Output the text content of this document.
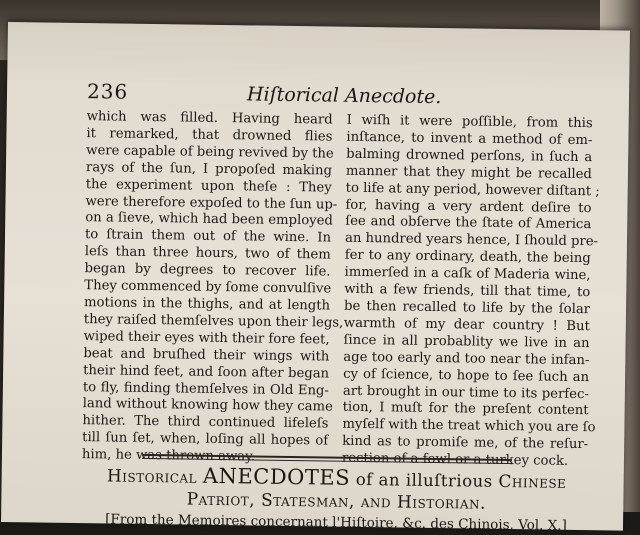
236	Hiſtorical Anecdote.
which was filled. Having heard
it remarked, that drowned flies
were capable of being revived by the
rays of the ſun, I propoſed making
the experiment upon theſe : They
were therefore expoſed to the ſun up-
on a ſieve, which had been employed
to ſtrain them out of the wine. In
leſs than three hours, two of them
began by degrees to recover life.
They commenced by ſome convulſive
motions in the thighs, and at length
they raiſed themſelves upon their legs,
wiped their eyes with their fore feet,
beat and bruſhed their wings with
their hind feet, and ſoon after began
to fly, finding themſelves in Old Eng-
land without knowing how they came
hither. The third continued lifeleſs
till ſun ſet, when, loſing all hopes of
him, he was thrown away.
I wiſh it were poſſible, from this
inſtance, to invent a method of em-
balming drowned perſons, in ſuch a
manner that they might be recalled
to life at any period, however diſtant ;
for, having a very ardent deſire to
ſee and obſerve the ſtate of America
an hundred years hence, I ſhould pre-
fer to any ordinary, death, the being
immerſed in a caſk of Maderia wine,
with a few friends, till that time, to
be then recalled to life by the ſolar
warmth of my dear country ! But
ſince in all probablity we live in an
age too early and too near the infan-
cy of ſcience, to hope to ſee ſuch an
art brought in our time to its perfec-
tion, I muſt for the preſent content
myſelf with the treat which you are ſo
kind as to promiſe me, of the reſur-
rection of a fowl or a turkey cock.
Historical ANECDOTES of an illuſtrious Chinese
Patriot, Statesman, and Historian.
[From the Memoires concernant l'Hiſtoire, &c. des Chinois, Vol. X.]
